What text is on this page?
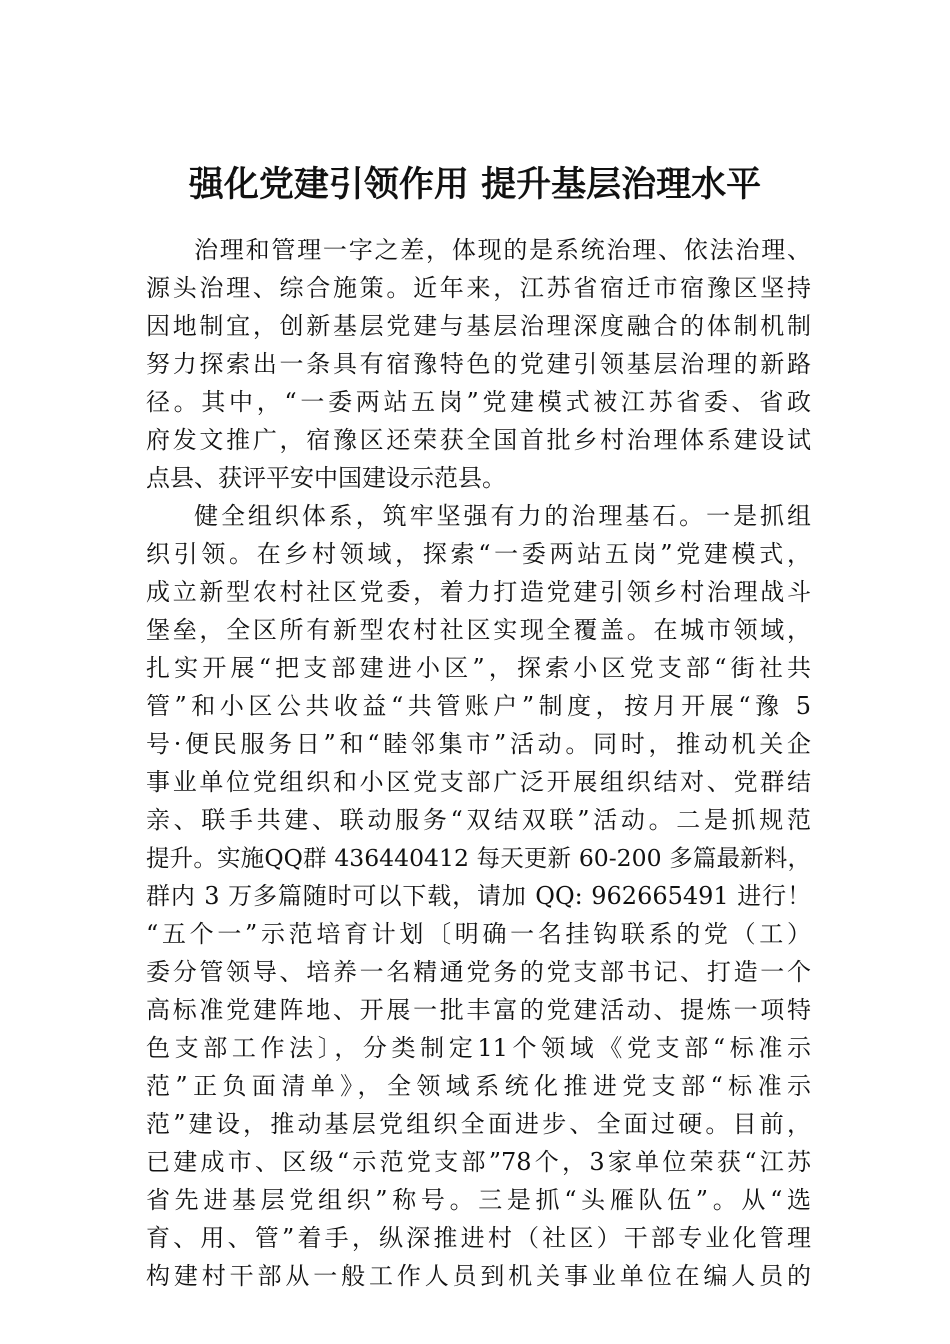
强化党建引领作用 提升基层治理水平
治理和管理一字之差，体现的是系统治理、依法治理、
源头治理、综合施策。近年来，江苏省宿迁市宿豫区坚持
因地制宜，创新基层党建与基层治理深度融合的体制机制
努力探索出一条具有宿豫特色的党建引领基层治理的新路
径。其中，“一委两站五岗”党建模式被江苏省委、省政
府发文推广，宿豫区还荣获全国首批乡村治理体系建设试
点县、获评平安中国建设示范县。
健全组织体系，筑牢坚强有力的治理基石。一是抓组
织引领。在乡村领域，探索“一委两站五岗”党建模式，
成立新型农村社区党委，着力打造党建引领乡村治理战斗
堡垒，全区所有新型农村社区实现全覆盖。在城市领域，
扎实开展“把支部建进小区”，探索小区党支部“街社共
管”和小区公共收益“共管账户”制度，按月开展“豫 5
号·便民服务日”和“睦邻集市”活动。同时，推动机关企
事业单位党组织和小区党支部广泛开展组织结对、党群结
亲、联手共建、联动服务“双结双联”活动。二是抓规范
提升。实施QQ群 436440412 每天更新 60-200 多篇最新料，
群内 3 万多篇随时可以下载，请加 QQ: 962665491 进行！
“五个一”示范培育计划〔明确一名挂钩联系的党（工）
委分管领导、培养一名精通党务的党支部书记、打造一个
高标准党建阵地、开展一批丰富的党建活动、提炼一项特
色支部工作法〕，分类制定11个领域《党支部“标准示
范”正负面清单》，全领域系统化推进党支部“标准示
范”建设，推动基层党组织全面进步、全面过硬。目前，
已建成市、区级“示范党支部”78个，3家单位荣获“江苏
省先进基层党组织”称号。三是抓“头雁队伍”。从“选
育、用、管”着手，纵深推进村（社区）干部专业化管理
构建村干部从一般工作人员到机关事业单位在编人员的
